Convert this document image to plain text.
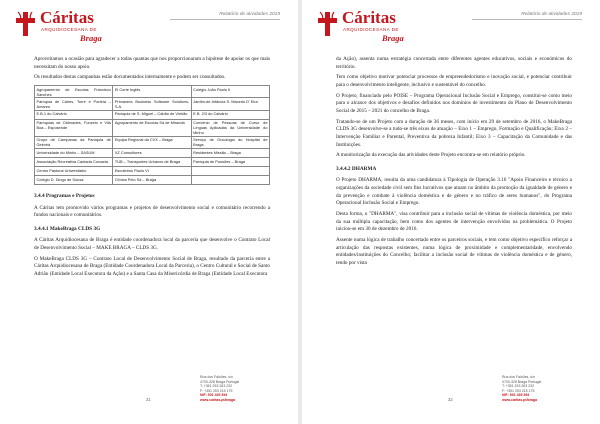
Cáritas
ARQUIDIOCESANA DE
Braga
Relatório de atividades 2019

Aproveitamos a ocasião para agradecer a todas quantas que nos proporcionaram a hipótese de apoiar os que mais necessitam do nosso apoio.

Os resultados destas campanhas estão documentados internamente e podem ser consultados.

Agrupamento de Escolas Francisco Sanches	El Corte Inglês	Colégio João Paulo II
Paróquia de Caires, Torre e Portela – Amares	Primavera Business Software Solutions, S.A.	Jardim-de-Infância S. Macedo D' Eira
E.B.1 do Calvário	Paróquia de S. Miguel – Cabão de Vinhão	E.B. 2/3 do Calvário
Paróquias de Oldroades, Fonzelo e Vila Boa – Esposende	Agrupamento de Escolas Sá de Miranda	Convénio de Pessoas de Curso de Línguas Aplicadas da Universidade do Minho
Grupo de Campanas da Paróquia de Gelmirá	Equipa Regional da CVX – Braga	Serviço de Oncologia do Hospital de Braga
Universidade do Minho – SASUM	XZ Consultores	Residentes Missão – Braga
Associação Recreativa Cantada Coroada	TUB – Transportes Urbanos de Braga	Paróquia de Pousões – Braga
Centro Pastoral Universitário	Escoteiros Paulo VI	
Colégio D. Diogo de Sousa	Clínica Pelo Sá – Braga	
3.4.4 Programas e Projetos

A Cáritas tem promovido vários programas e projetos de desenvolvimento social e comunitário recorrendo a fundos nacionais e comunitários.

3.4.4.1 MakeBraga CLDS 3G

A Cáritas Arquidiocesana de Braga é entidade coordenadora local da parceria que desenvolve o Contrato Local de Desenvolvimento Social – MAKE BRAGA – CLDS 3G.

O MakeBraga CLDS 3G – Contrato Local de Desenvolvimento Social de Braga, resultado da parceria entre a Cáritas Arquidiocesana de Braga (Entidade Coordenadora Local da Parceria), o Centro Cultural e Social de Santo Adrião (Entidade Local Executora da Ação) e a Santa Casa da Misericórdia de Braga (Entidade Local Executora

Rua dos Falcões, s/n
4700-328 Braga Portugal
T: +351 253 263 232
F: +351 253 215 175
NIF: 501 439 394
www.caritas.pt/braga
31
Cáritas
ARQUIDIOCESANA DE
Braga
Relatório de atividades 2019

da Ação), assenta numa estratégia concertada entre diferentes agentes educativos, sociais e económicos do território.

Tem como objetivo motivar potenciar processos de empreendedorismo e inovação social, e potenciar contribuir para o desenvolvimento inteligente, inclusivo e sustentável do concelho.

O Projeto, financiado pelo POISE – Programa Operacional Inclusão Social e Emprego, constitui-se como meio para o alcance dos objetivos e desafios definidos nos domínios de investimento do Plano de Desenvolvimento Social de 2015 – 2021 do concelho de Braga.

Tratando-se de um Projeto com a duração de 36 meses, com início em 29 de setembro de 2016, o MakeBraga CLDS 3G desenvolve-se a tudo-se três eixos de atuação – Eixo 1 – Emprego, Formação e Qualificação; Eixo 2 – Intervenção Familiar e Parental, Preventiva da pobreza Infantil; Eixo 3 – Capacitação da Comunidade e das Instituições.

A monitorização da execução das atividades deste Projeto encontra-se em relatório próprio.

3.4.4.2 DHARMA

O Projeto DHARMA, resulta da uma candidatura à Tipologia de Operação 3.16 "Apoio Financeiro e técnico a organizações da sociedade civil sem fins lucrativos que atuam no âmbito da promoção da igualdade de género e da prevenção e combate à violência doméstica e de género e no tráfico de seres humanos", do Programa Operacional Inclusão Social e Emprego.

Desta forma, o "DHARMA", visa contribuir para a inclusão social de vítimas de violência doméstica, por meio da sua múltipla capacitação, bem como dos agentes de intervenção envolvidos na problemática. O Projeto iniciou-se em 30 de dezembro de 2016.

Assente numa lógica de trabalho concertado entre os parceiros sociais, e tem como objetivo específico reforçar a articulação das respostas existentes, numa lógica de proximidade e complementaridade, envolvendo entidades/instituições do Concelho; facilitar a inclusão social de vítimas de violência doméstica e de género, tendo por vista

Rua dos Falcões, s/n
4700-328 Braga Portugal
T: +351 253 263 232
F: +351 253 215 175
NIF: 501 439 394
www.caritas.pt/braga
32
